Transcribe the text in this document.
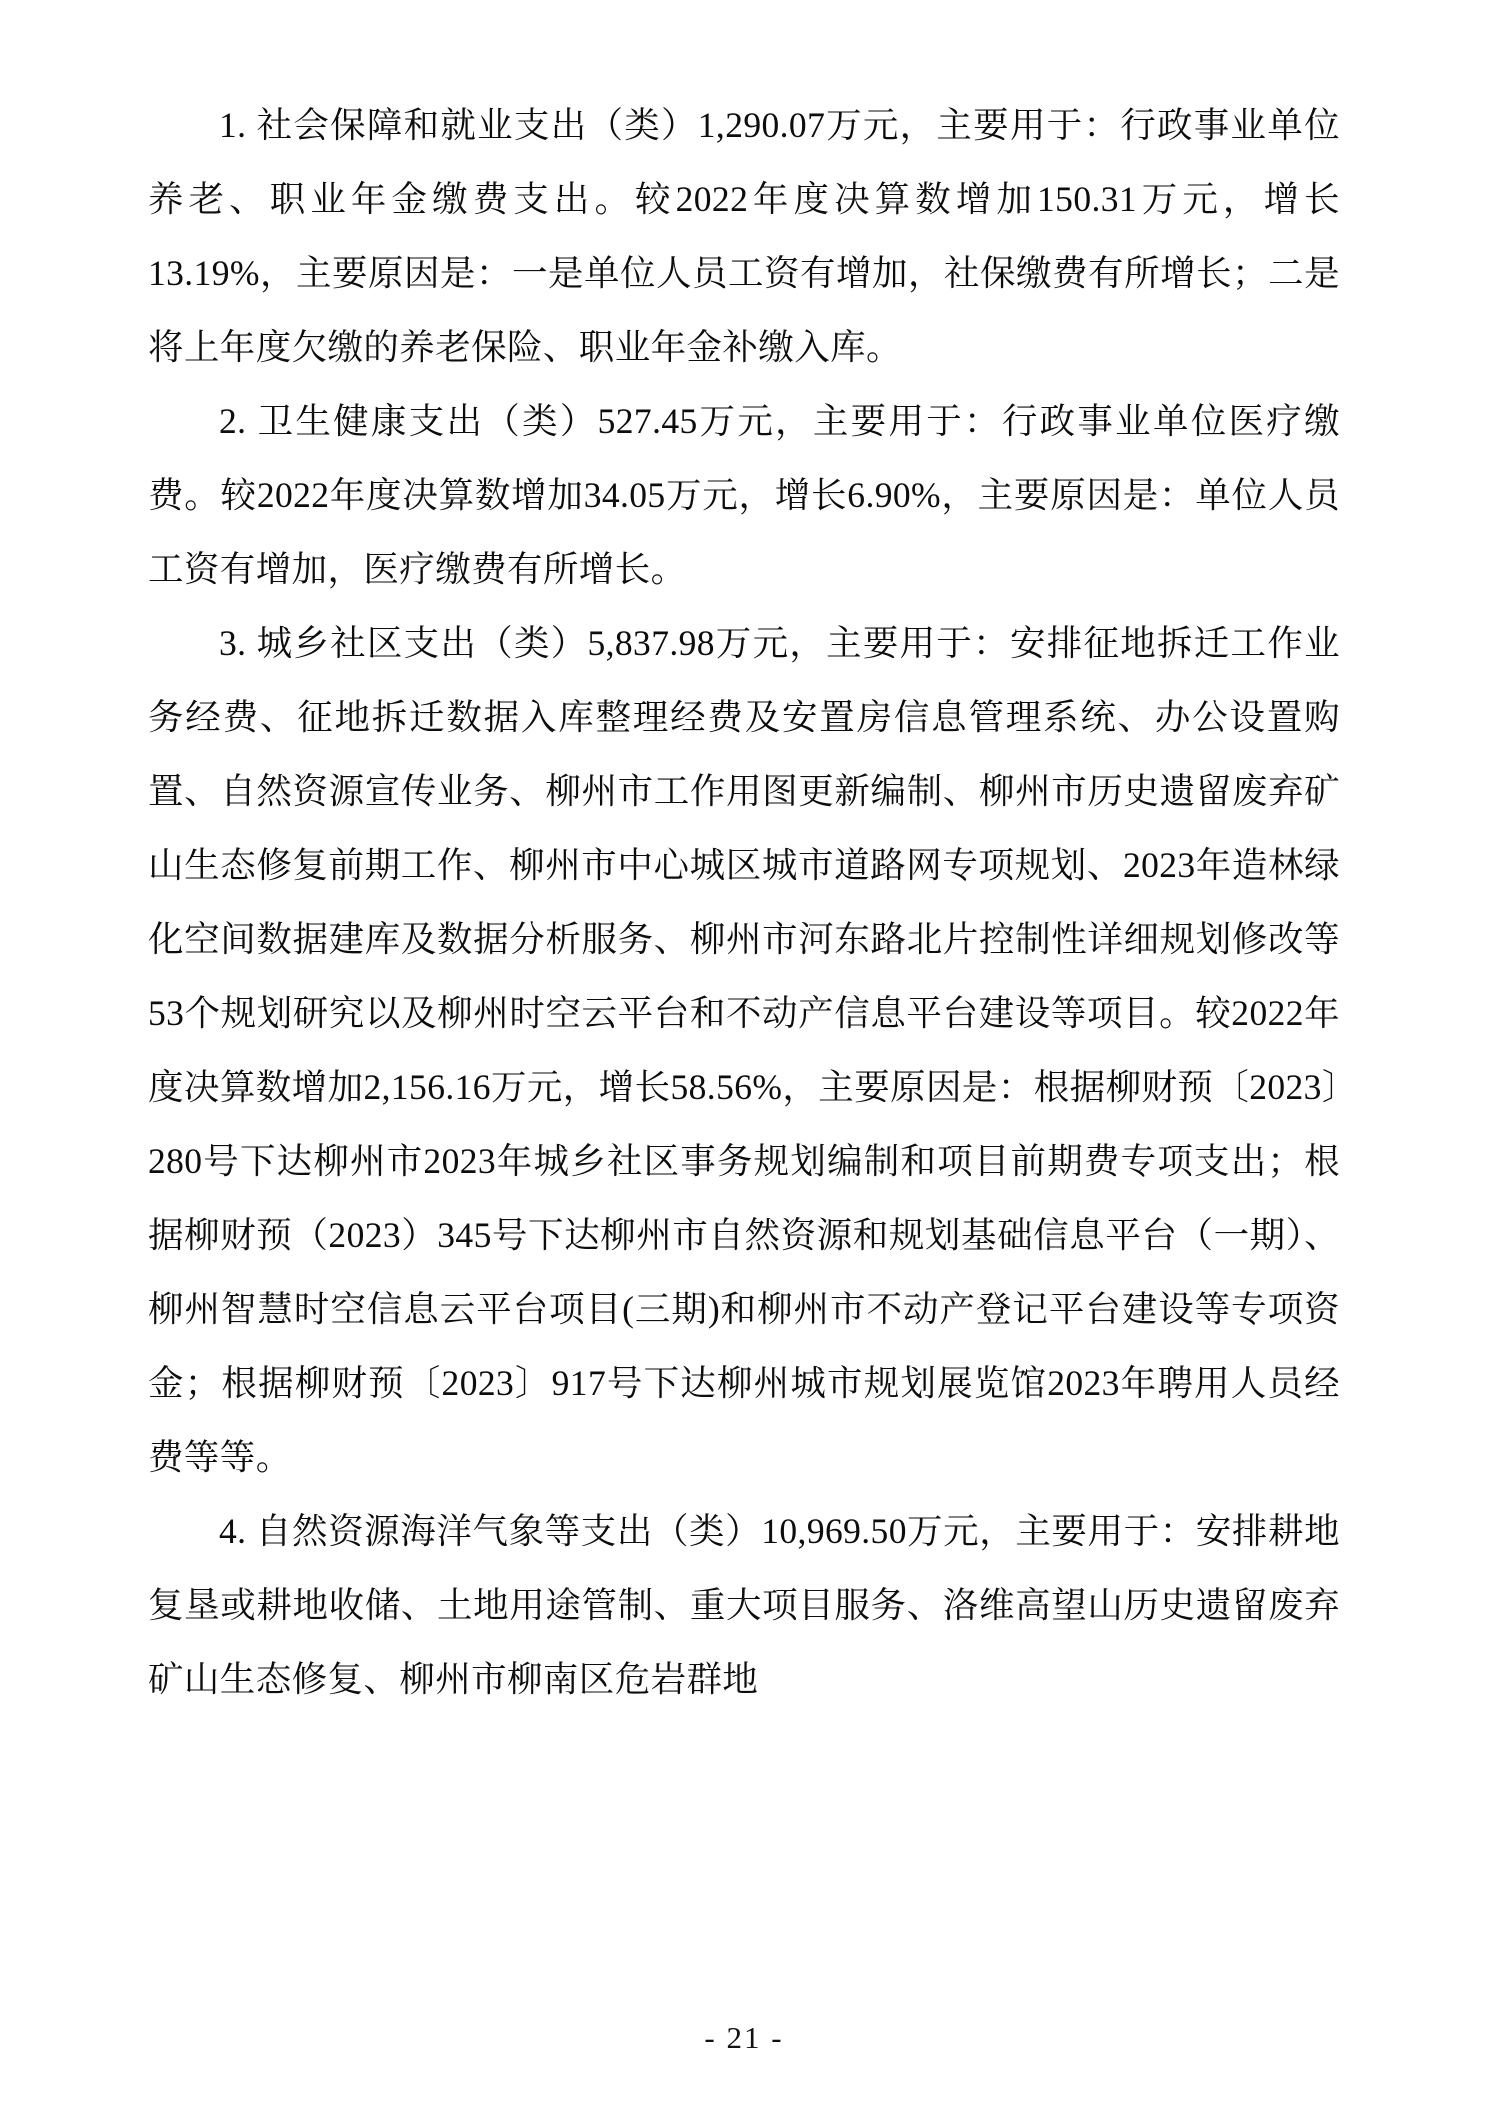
1. 社会保障和就业支出（类）1,290.07万元，主要用于：行政事业单位养老、职业年金缴费支出。较2022年度决算数增加150.31万元，增长13.19%，主要原因是：一是单位人员工资有增加，社保缴费有所增长；二是将上年度欠缴的养老保险、职业年金补缴入库。

2. 卫生健康支出（类）527.45万元，主要用于：行政事业单位医疗缴费。较2022年度决算数增加34.05万元，增长6.90%，主要原因是：单位人员工资有增加，医疗缴费有所增长。

3. 城乡社区支出（类）5,837.98万元，主要用于：安排征地拆迁工作业务经费、征地拆迁数据入库整理经费及安置房信息管理系统、办公设置购置、自然资源宣传业务、柳州市工作用图更新编制、柳州市历史遗留废弃矿山生态修复前期工作、柳州市中心城区城市道路网专项规划、2023年造林绿化空间数据建库及数据分析服务、柳州市河东路北片控制性详细规划修改等53个规划研究以及柳州时空云平台和不动产信息平台建设等项目。较2022年度决算数增加2,156.16万元，增长58.56%，主要原因是：根据柳财预〔2023〕280号下达柳州市2023年城乡社区事务规划编制和项目前期费专项支出；根据柳财预（2023）345号下达柳州市自然资源和规划基础信息平台（一期）、柳州智慧时空信息云平台项目(三期)和柳州市不动产登记平台建设等专项资金；根据柳财预〔2023〕917号下达柳州城市规划展览馆2023年聘用人员经费等等。

4. 自然资源海洋气象等支出（类）10,969.50万元，主要用于：安排耕地复垦或耕地收储、土地用途管制、重大项目服务、洛维高望山历史遗留废弃矿山生态修复、柳州市柳南区危岩群地

- 21 -
